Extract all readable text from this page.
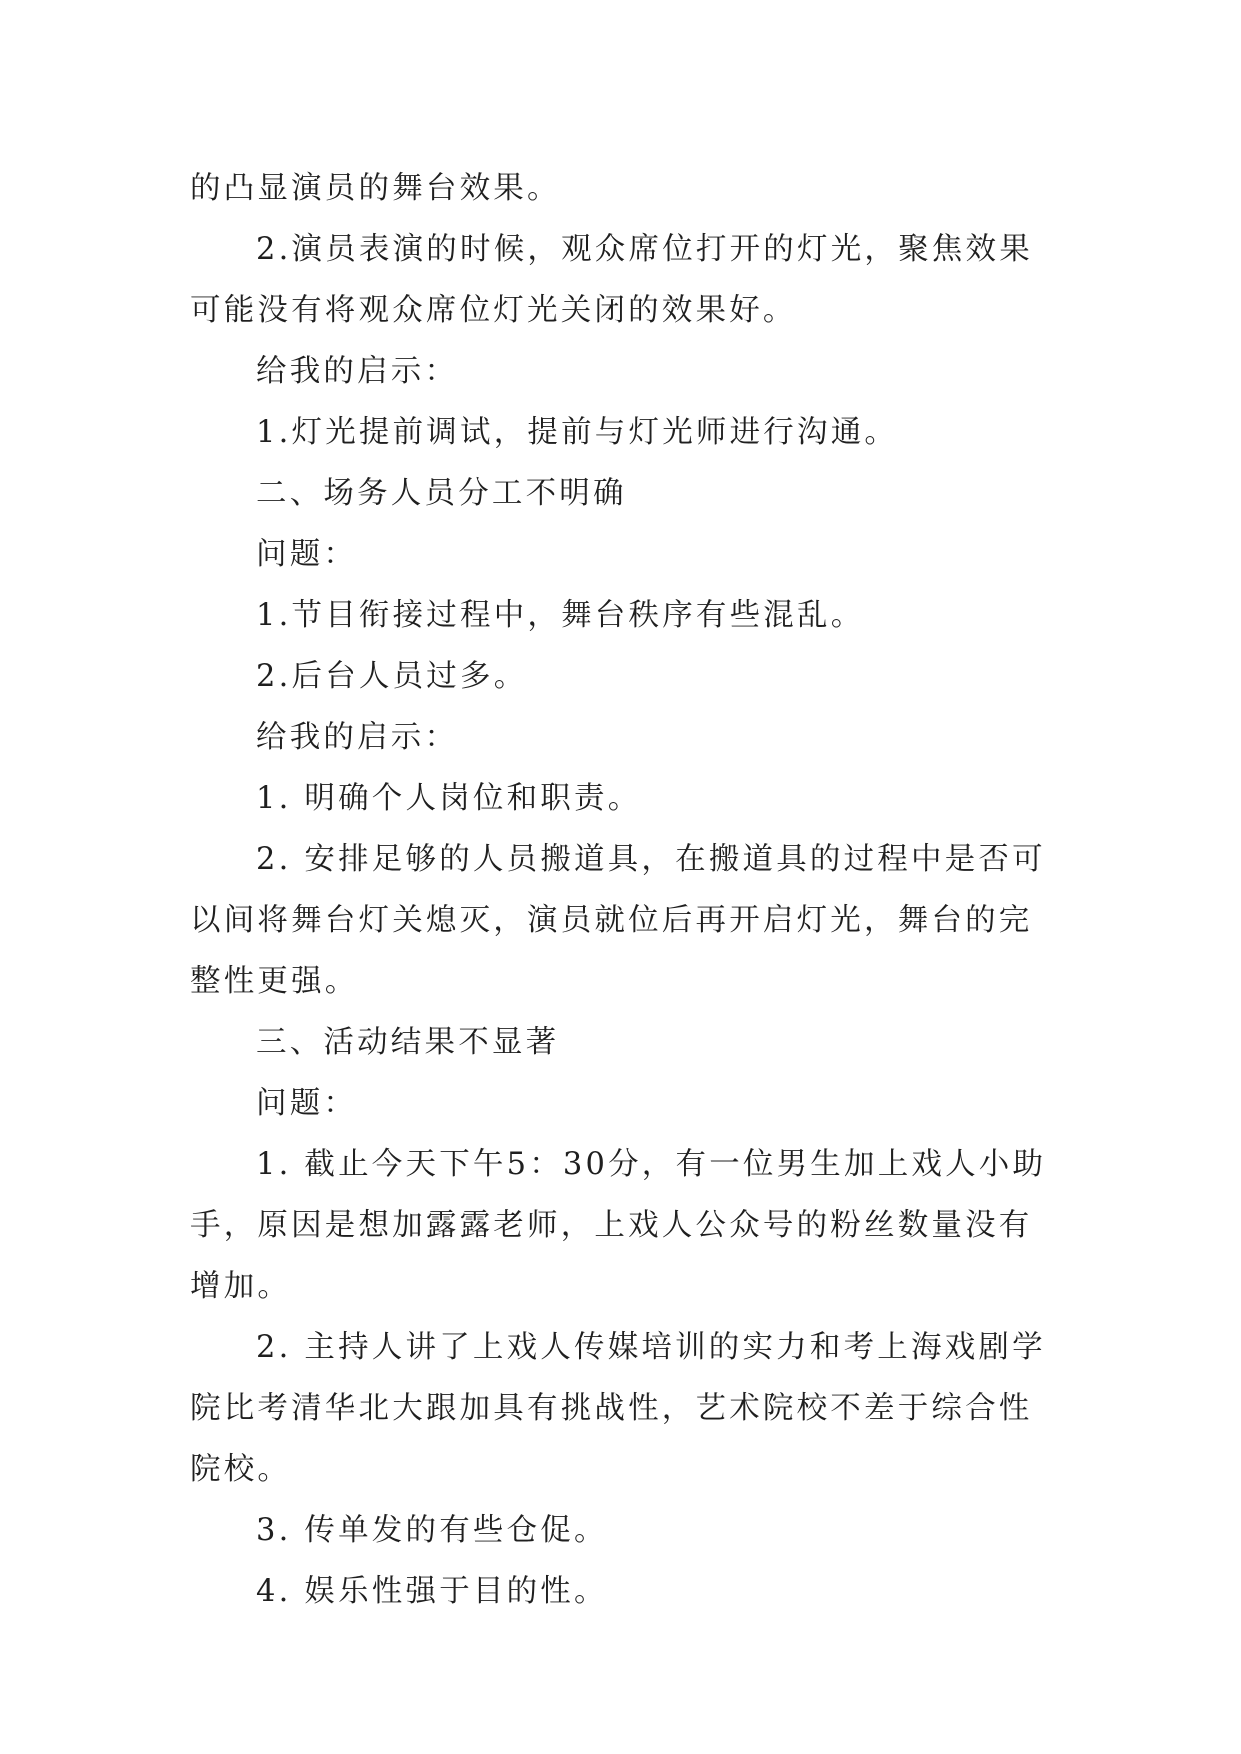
的凸显演员的舞台效果。

2.演员表演的时候，观众席位打开的灯光，聚焦效果可能没有将观众席位灯光关闭的效果好。

给我的启示：

1.灯光提前调试，提前与灯光师进行沟通。

二、场务人员分工不明确

问题：

1.节目衔接过程中，舞台秩序有些混乱。

2.后台人员过多。

给我的启示：

1. 明确个人岗位和职责。

2. 安排足够的人员搬道具，在搬道具的过程中是否可以间将舞台灯关熄灭，演员就位后再开启灯光，舞台的完整性更强。

三、活动结果不显著

问题：

1. 截止今天下午5：30分，有一位男生加上戏人小助手，原因是想加露露老师，上戏人公众号的粉丝数量没有增加。

2. 主持人讲了上戏人传媒培训的实力和考上海戏剧学院比考清华北大跟加具有挑战性，艺术院校不差于综合性院校。

3. 传单发的有些仓促。

4. 娱乐性强于目的性。
